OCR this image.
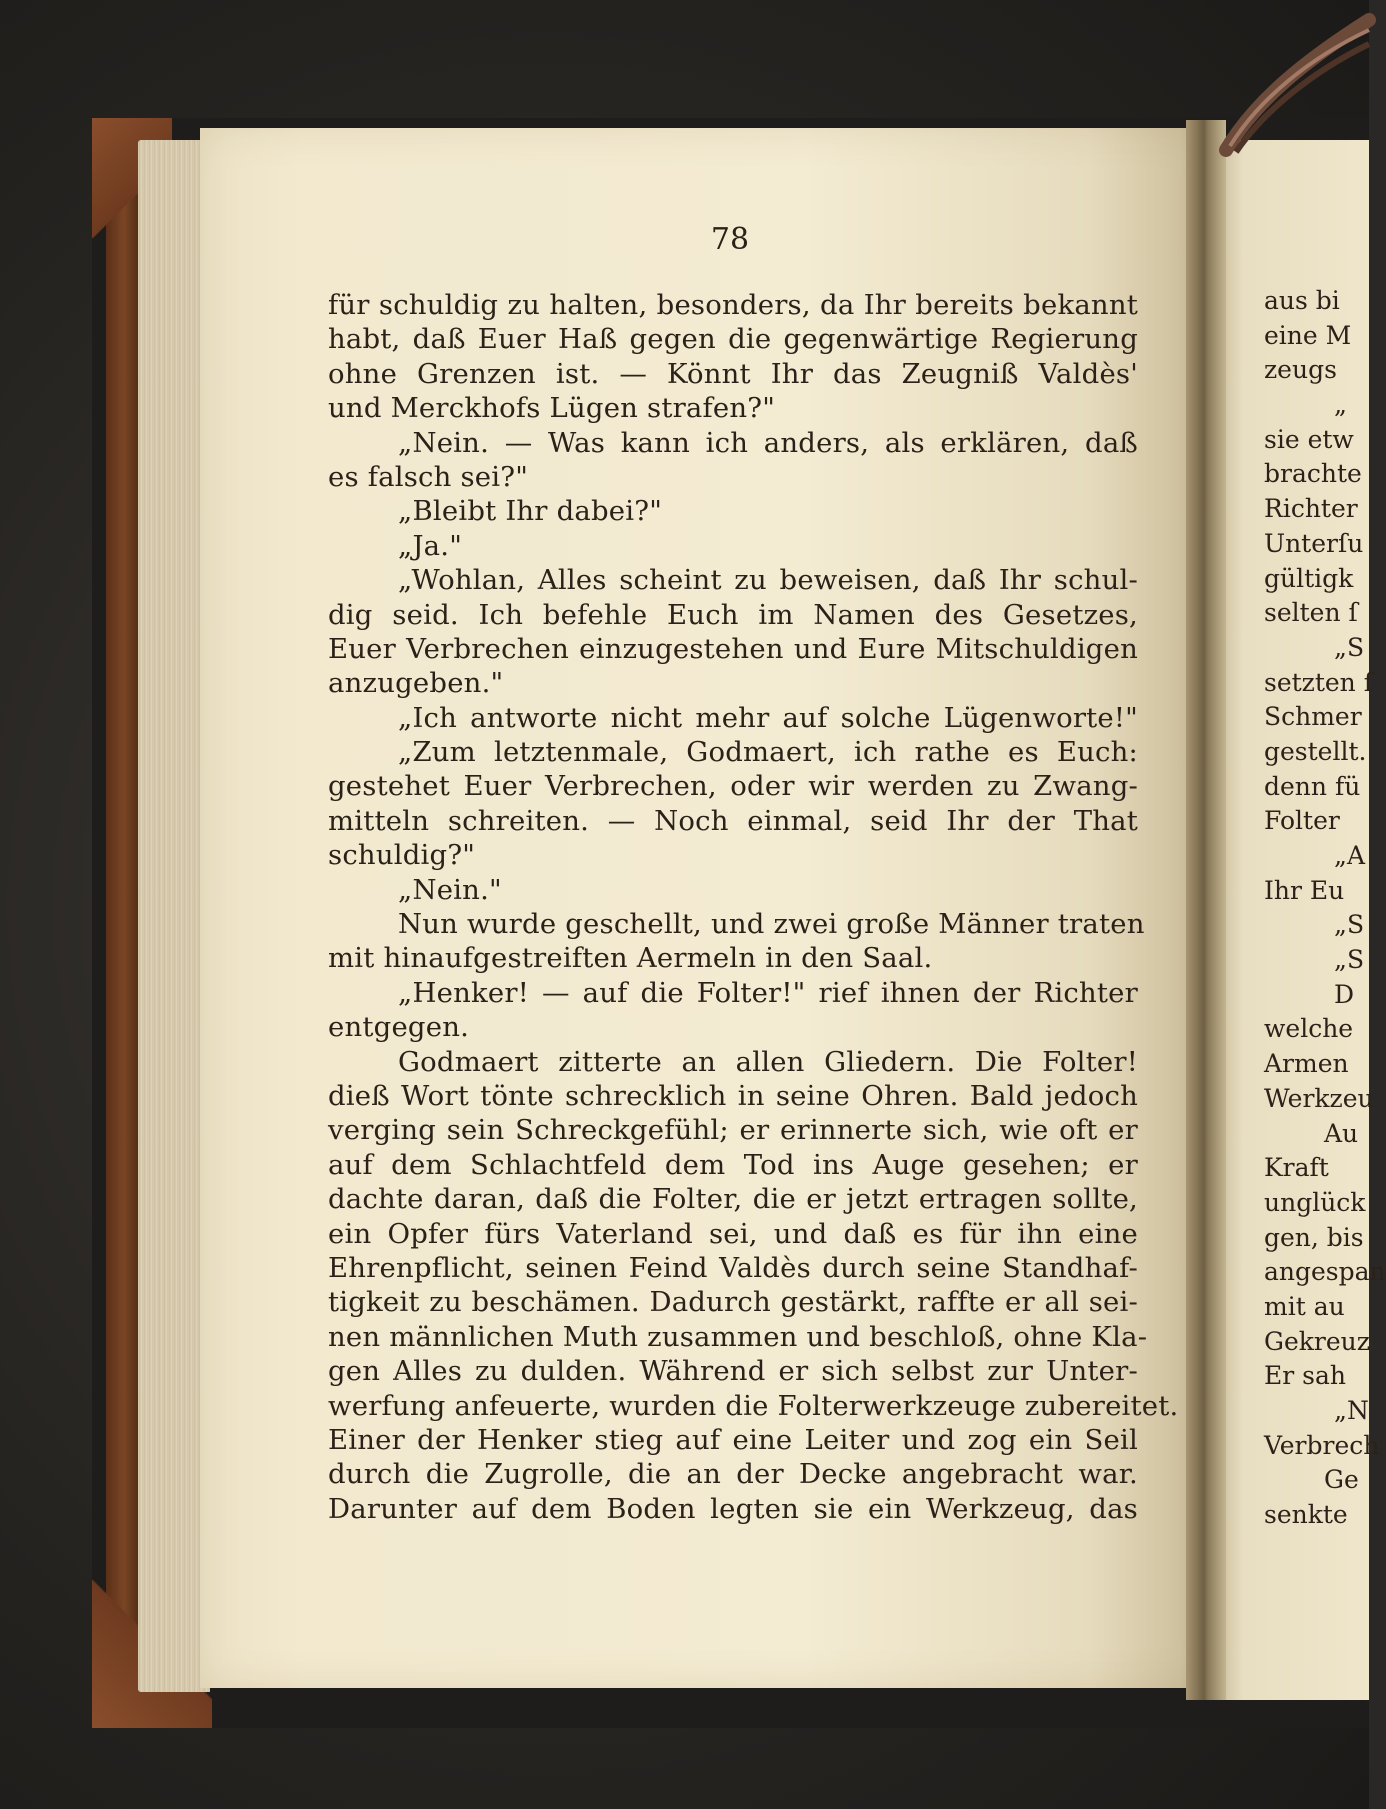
78
für schuldig zu halten, besonders, da Ihr bereits bekannt
habt, daß Euer Haß gegen die gegenwärtige Regierung
ohne Grenzen ist. — Könnt Ihr das Zeugniß Valdès'
und Merckhofs Lügen strafen?"
„Nein. — Was kann ich anders, als erklären, daß
es falsch sei?"
„Bleibt Ihr dabei?"
„Ja."
„Wohlan, Alles scheint zu beweisen, daß Ihr schul-
dig seid. Ich befehle Euch im Namen des Gesetzes,
Euer Verbrechen einzugestehen und Eure Mitschuldigen
anzugeben."
„Ich antworte nicht mehr auf solche Lügenworte!"
„Zum letztenmale, Godmaert, ich rathe es Euch:
gestehet Euer Verbrechen, oder wir werden zu Zwang-
mitteln schreiten. — Noch einmal, seid Ihr der That
schuldig?"
„Nein."
Nun wurde geschellt, und zwei große Männer traten
mit hinaufgestreiften Aermeln in den Saal.
„Henker! — auf die Folter!" rief ihnen der Richter
entgegen.
Godmaert zitterte an allen Gliedern. Die Folter!
dieß Wort tönte schrecklich in seine Ohren. Bald jedoch
verging sein Schreckgefühl; er erinnerte sich, wie oft er
auf dem Schlachtfeld dem Tod ins Auge gesehen; er
dachte daran, daß die Folter, die er jetzt ertragen sollte,
ein Opfer fürs Vaterland sei, und daß es für ihn eine
Ehrenpflicht, seinen Feind Valdès durch seine Standhaf-
tigkeit zu beschämen. Dadurch gestärkt, raffte er all sei-
nen männlichen Muth zusammen und beschloß, ohne Kla-
gen Alles zu dulden. Während er sich selbst zur Unter-
werfung anfeuerte, wurden die Folterwerkzeuge zubereitet.
Einer der Henker stieg auf eine Leiter und zog ein Seil
durch die Zugrolle, die an der Decke angebracht war.
Darunter auf dem Boden legten sie ein Werkzeug, das
aus bi
eine M
zeugs
„
sie etw
brachte
Richter
Unterſu
gültigk
selten ſ
„S
setzten ſ
Schmer
gestellt.
denn fü
Folter
„A
Ihr Eu
„S
„S
D
welche
Armen
Werkzeu
Au
Kraft
unglück
gen, bis
angespan
mit au
Gekreuz
Er sah
„N
Verbrech
Ge
senkte
